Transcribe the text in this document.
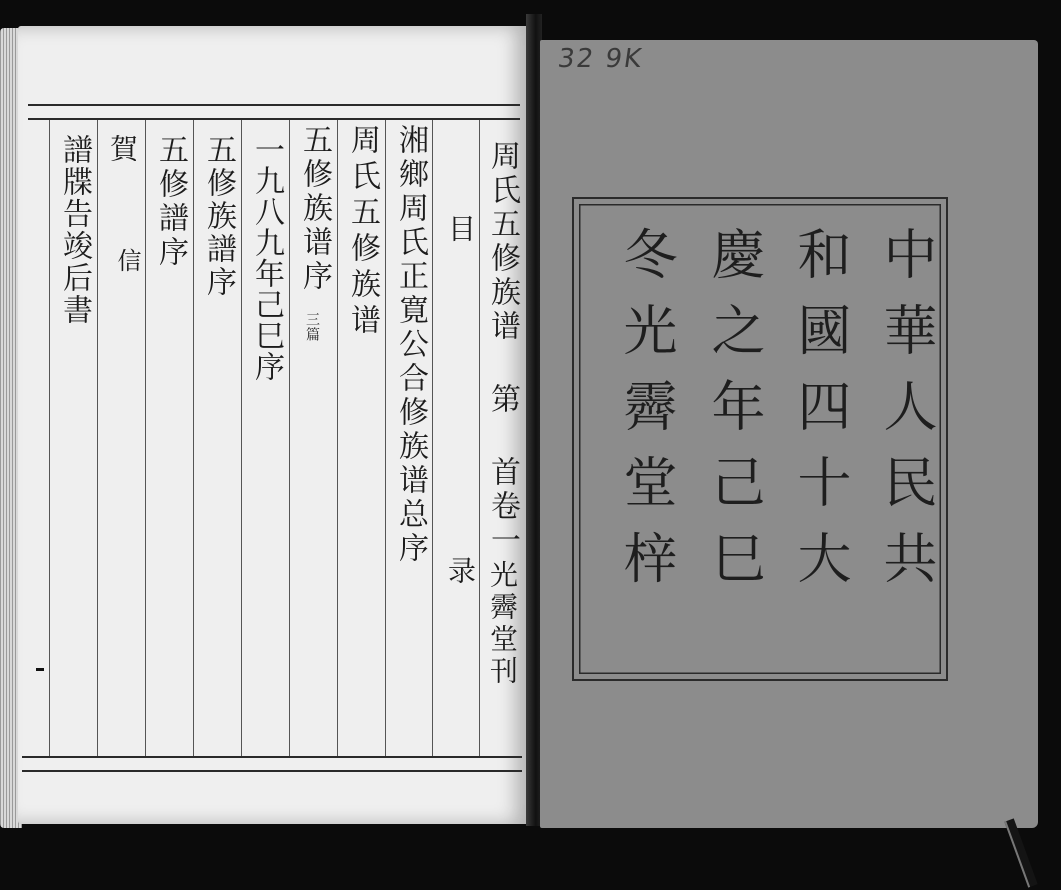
周氏五修族谱 第 首卷一
光霽堂刊
目
录
湘鄉周氏正寛公合修族谱总序
周氏五修族谱
五修族谱序
三篇
一九八九年己巳序
五修族譜序
五修譜序
賀
信
譜牒告竣后書
32 9K
中華人民共
和國四十大
慶之年己巳
冬光霽堂梓
